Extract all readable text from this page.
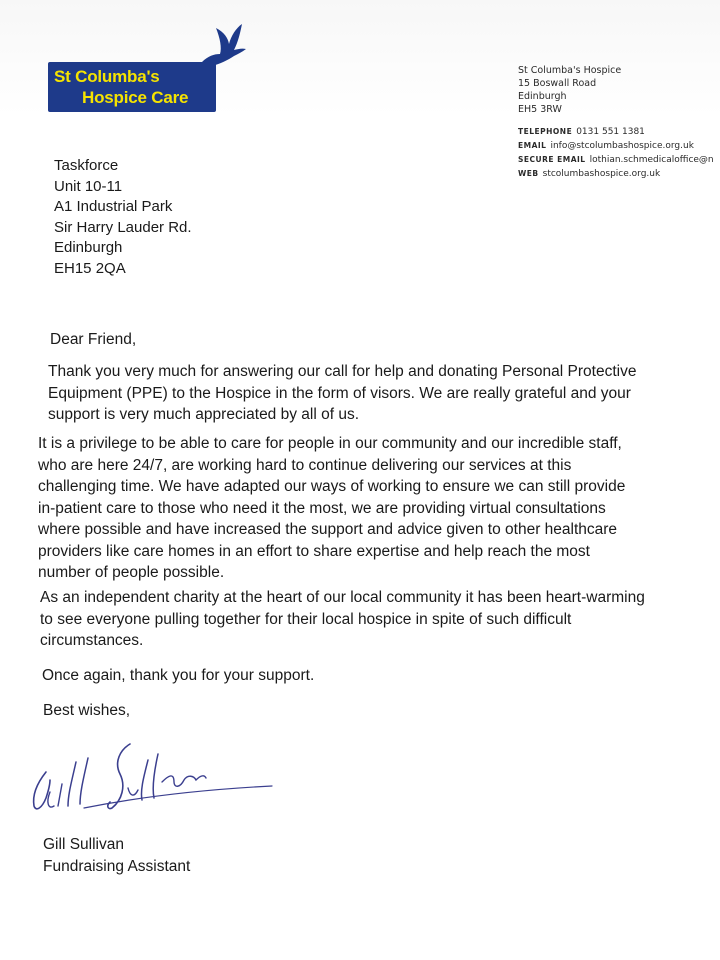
St Columba's
Hospice Care
St Columba's Hospice
15 Boswall Road
Edinburgh
EH5 3RW
TELEPHONE 0131 551 1381
EMAIL info@stcolumbashospice.org.uk
SECURE EMAIL lothian.schmedicaloffice@n
WEB stcolumbashospice.org.uk
Taskforce
Unit 10-11
A1 Industrial Park
Sir Harry Lauder Rd.
Edinburgh
EH15 2QA
Dear Friend,
Thank you very much for answering our call for help and donating Personal Protective
Equipment (PPE) to the Hospice in the form of visors. We are really grateful and your
support is very much appreciated by all of us.
It is a privilege to be able to care for people in our community and our incredible staff,
who are here 24/7, are working hard to continue delivering our services at this
challenging time. We have adapted our ways of working to ensure we can still provide
in-patient care to those who need it the most, we are providing virtual consultations
where possible and have increased the support and advice given to other healthcare
providers like care homes in an effort to share expertise and help reach the most
number of people possible.
As an independent charity at the heart of our local community it has been heart-warming
to see everyone pulling together for their local hospice in spite of such difficult
circumstances.
Once again, thank you for your support.
Best wishes,
Gill Sullivan
Fundraising Assistant
